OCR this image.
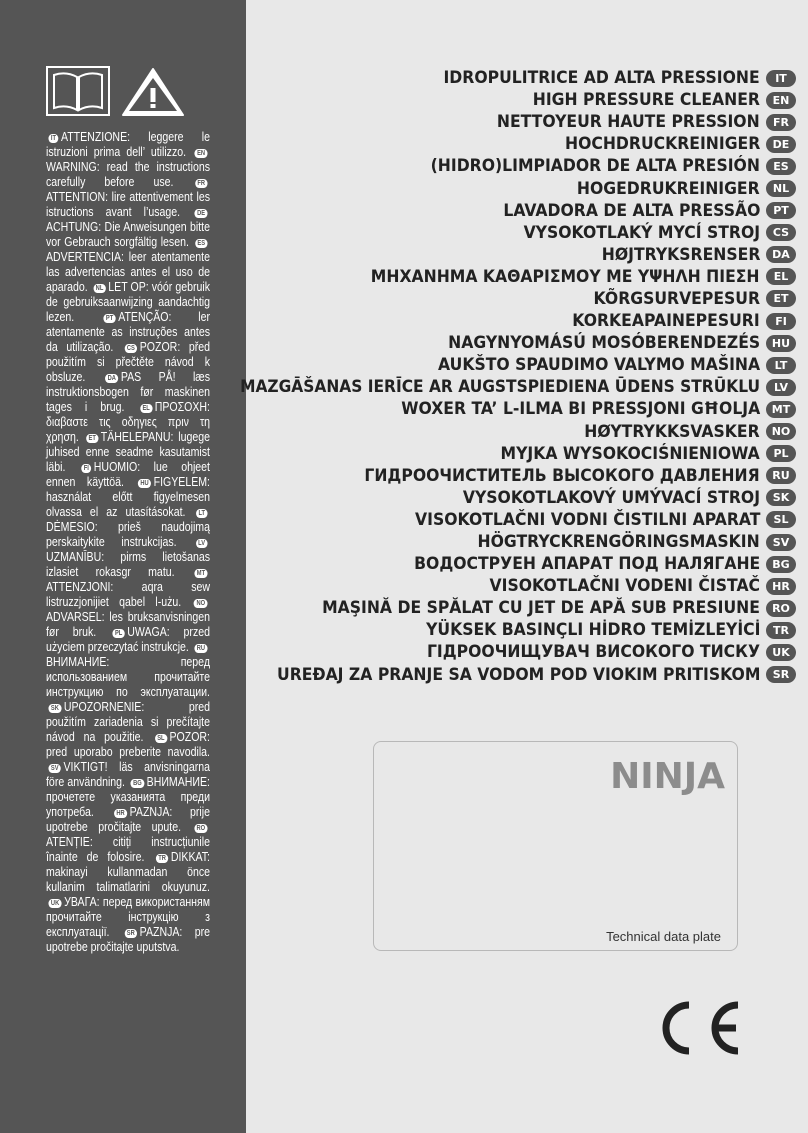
IT ATTENZIONE: leggere le istruzioni prima dell’ utilizzo. ENWARNING: read the instructions carefully before use.	FRATTENTION: lire attentivement les istructions avant l’usage. DEACHTUNG: Die Anweisungen bitte vor Gebrauch sorgfältig lesen. ESADVERTENCIA: leer atentamente las advertencias antes el uso de aparado. NL LET OP: vóór gebruik de gebruiksaanwijzing aandachtig lezen.	PT ATENÇÃO: ler atentamente as instruções antes da utilização. CS POZOR: před použitím si přečtěte návod k obsluze.	DA PAS PÅ! læs instruktionsbogen før maskinen tages i brug.	EL ΠΡΟΣΟΧΗ: διαβαστε τις οδηγιες πριν τη χρηση. ET TÄHELEPANU: lugege juhised enne seadme kasutamist läbi.	FI HUOMIO: lue ohjeet ennen käyttöä. HU FIGYELEM: használat előtt figyelmesen olvassa el az utasításokat. LTDĖMESIO: prieš naudojimą perskaitykite instrukcijas.	LVUZMANĪBU: pirms lietošanas izlasiet rokasgr matu.	MTATTENZJONI: aqra sew listruzzjonijiet qabel l-użu. NOADVARSEL: les bruksanvisningen før bruk.	PL UWAGA: przed użyciem przeczytać instrukcje. RUВНИМАНИЕ: перед использованием прочитайте инструкцию по эксплуатации. SK UPOZORNENIE: pred použitím zariadenia si prečítajte návod na použitie. SL POZOR: pred uporabo preberite navodila. SV VIKTIGT! läs anvisningarna före användning. BG ВНИМАНИЕ: прочетете указанията преди употреба.	HR PAZNJA: prije upotrebe pročitajte upute. ROATENȚIE: citiți instrucțiunile înainte de folosire. TR DIKKAT: makinayi kullanmadan önce kullanim talimatlarini okuyunuz. UK УВАГА: перед використанням прочитайте інструкцію з експлуатації. SR PAZNJA: pre upotrebe pročitajte uputstva.
IDROPULITRICE AD ALTA PRESSIONE	IT
HIGH PRESSURE CLEANER	EN
NETTOYEUR HAUTE PRESSION	FR
HOCHDRUCKREINIGER	DE
(HIDRO)LIMPIADOR DE ALTA PRESIÓN	ES
HOGEDRUKREINIGER	NL
LAVADORA DE ALTA PRESSÃO	PT
VYSOKOTLAKÝ MYCÍ STROJ	CS
HØJTRYKSRENSER	DA
ΜΗΧΑΝΗΜΑ ΚΑΘΑΡΙΣΜΟΥ ΜΕ ΥΨΗΛΗ ΠΙΕΣΗ	EL
KÕRGSURVEPESUR	ET
KORKEAPAINEPESURI	FI
NAGYNYOMÁSÚ MOSÓBERENDEZÉS	HU
AUKŠTO SPAUDIMO VALYMO MAŠINA	LT
MAZGĀŠANAS IERĪCE AR AUGSTSPIEDIENA ŪDENS STRŪKLU	LV
WOXER TA’ L-ILMA BI PRESSJONI GĦOLJA	MT
HØYTRYKKSVASKER	NO
MYJKA WYSOKOCIŚNIENIOWA	PL
ГИДРООЧИСТИТЕЛЬ ВЫСОКОГО ДАВЛЕНИЯ	RU
VYSOKOTLAKOVÝ UMÝVACÍ STROJ	SK
VISOKOTLAČNI VODNI ČISTILNI APARAT	SL
HÖGTRYCKRENGÖRINGSMASKIN	SV
ВОДОСТРУЕН АПАРАТ ПОД НАЛЯГАНЕ	BG
VISOKOTLAČNI VODENI ČISTAČ	HR
MAŞINĂ DE SPĂLAT CU JET DE APĂ SUB PRESIUNE	RO
YÜKSEK BASINÇLI HİDRO TEMİZLEYİCİ	TR
ГІДРООЧИЩУВАЧ ВИСОКОГО ТИСКУ	UK
UREĐAJ ZA PRANJE SA VODOM POD VIOKIM PRITISKOM	SR
NINJA
Technical data plate
